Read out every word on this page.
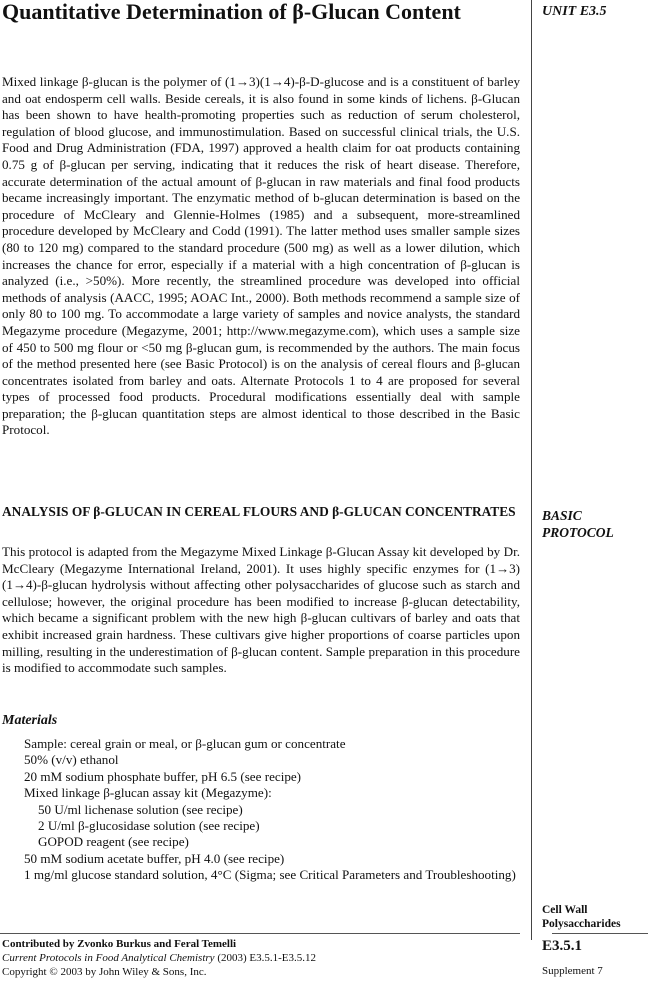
Quantitative Determination of β-Glucan Content	UNIT E3.5

Mixed linkage β-glucan is the polymer of (1→3)(1→4)-β-D-glucose and is a constituent of barley and oat endosperm cell walls. Beside cereals, it is also found in some kinds of lichens. β-Glucan has been shown to have health-promoting properties such as reduction of serum cholesterol, regulation of blood glucose, and immunostimulation. Based on successful clinical trials, the U.S. Food and Drug Administration (FDA, 1997) approved a health claim for oat products containing 0.75 g of β-glucan per serving, indicating that it reduces the risk of heart disease. Therefore, accurate determination of the actual amount of β-glucan in raw materials and final food products became increasingly important. The enzymatic method of b-glucan determination is based on the procedure of McCleary and Glennie-Holmes (1985) and a subsequent, more-streamlined procedure developed by McCleary and Codd (1991). The latter method uses smaller sample sizes (80 to 120 mg) compared to the standard procedure (500 mg) as well as a lower dilution, which increases the chance for error, especially if a material with a high concentration of β-glucan is analyzed (i.e., >50%). More recently, the streamlined procedure was developed into official methods of analysis (AACC, 1995; AOAC Int., 2000). Both methods recommend a sample size of only 80 to 100 mg. To accommodate a large variety of samples and novice analysts, the standard Megazyme procedure (Megazyme, 2001; http://www.megazyme.com), which uses a sample size of 450 to 500 mg flour or <50 mg β-glucan gum, is recommended by the authors. The main focus of the method presented here (see Basic Protocol) is on the analysis of cereal flours and β-glucan concentrates isolated from barley and oats. Alternate Protocols 1 to 4 are proposed for several types of processed food products. Procedural modifications essentially deal with sample preparation; the β-glucan quantitation steps are almost identical to those described in the Basic Protocol.

ANALYSIS OF β-GLUCAN IN CEREAL FLOURS AND β-GLUCAN CONCENTRATES	BASIC PROTOCOL

This protocol is adapted from the Megazyme Mixed Linkage β-Glucan Assay kit developed by Dr. McCleary (Megazyme International Ireland, 2001). It uses highly specific enzymes for (1→3)(1→4)-β-glucan hydrolysis without affecting other polysaccharides of glucose such as starch and cellulose; however, the original procedure has been modified to increase β-glucan detectability, which became a significant problem with the new high β-glucan cultivars of barley and oats that exhibit increased grain hardness. These cultivars give higher proportions of coarse particles upon milling, resulting in the underestimation of β-glucan content. Sample preparation in this procedure is modified to accommodate such samples.

Materials
Sample: cereal grain or meal, or β-glucan gum or concentrate
50% (v/v) ethanol
20 mM sodium phosphate buffer, pH 6.5 (see recipe)
Mixed linkage β-glucan assay kit (Megazyme):
50 U/ml lichenase solution (see recipe)
2 U/ml β-glucosidase solution (see recipe)
GOPOD reagent (see recipe)
50 mM sodium acetate buffer, pH 4.0 (see recipe)
1 mg/ml glucose standard solution, 4°C (Sigma; see Critical Parameters and Troubleshooting)
Cell Wall Polysaccharides
E3.5.1
Supplement 7
Contributed by Zvonko Burkus and Feral Temelli
Current Protocols in Food Analytical Chemistry (2003) E3.5.1-E3.5.12
Copyright © 2003 by John Wiley & Sons, Inc.
